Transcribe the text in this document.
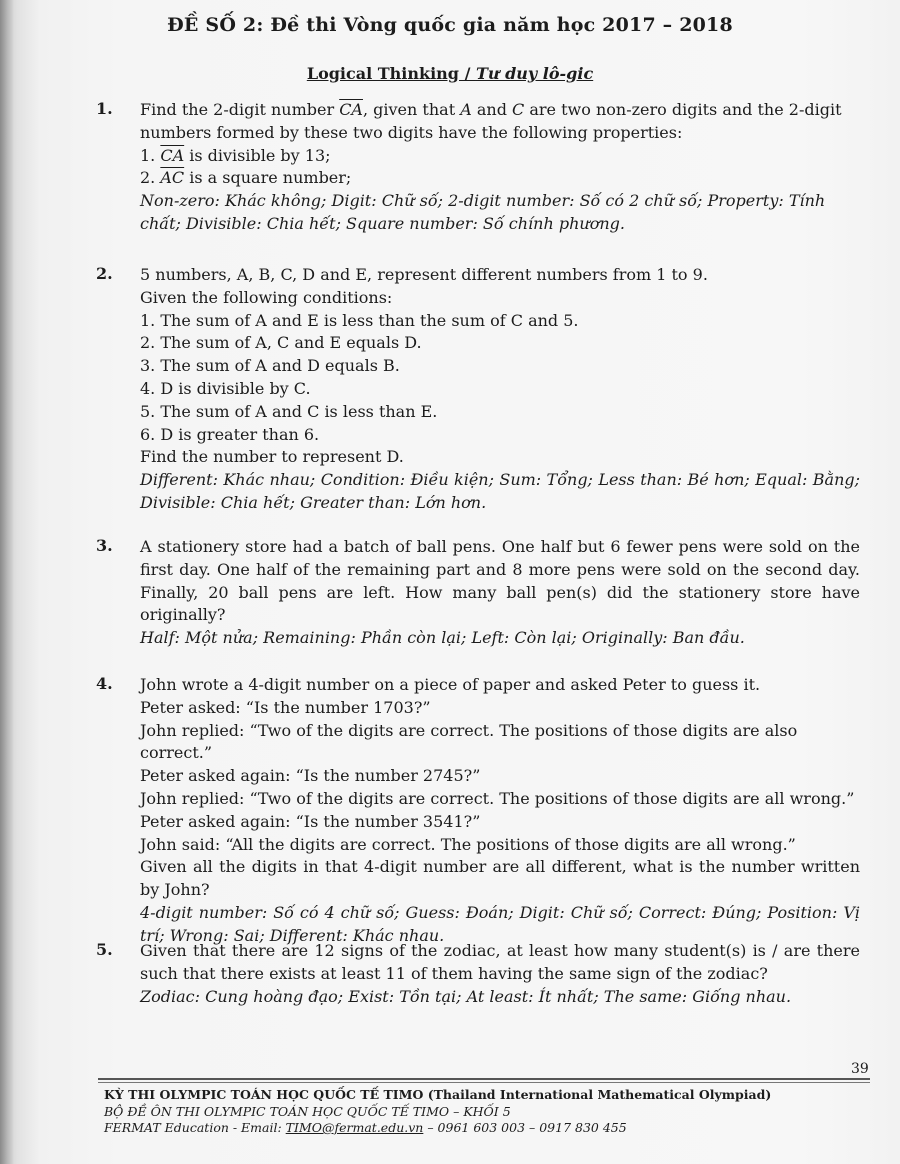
ĐỀ SỐ 2: Đề thi Vòng quốc gia năm học 2017 – 2018
Logical Thinking / Tư duy lô-gic
1. Find the 2-digit number $\overline{CA}$, given that A and C are two non-zero digits and the 2-digit numbers formed by these two digits have the following properties:

1. $\overline{CA}$ is divisible by 13;

2. $\overline{AC}$ is a square number;

Non-zero: Khác không; Digit: Chữ số; 2-digit number: Số có 2 chữ số; Property: Tính chất; Divisible: Chia hết; Square number: Số chính phương.

2. 5 numbers, A, B, C, D and E, represent different numbers from 1 to 9.

Given the following conditions:

1. The sum of A and E is less than the sum of C and 5.

2. The sum of A, C and E equals D.

3. The sum of A and D equals B.

4. D is divisible by C.

5. The sum of A and C is less than E.

6. D is greater than 6.

Find the number to represent D.

Different: Khác nhau; Condition: Điều kiện; Sum: Tổng; Less than: Bé hơn; Equal: Bằng; Divisible: Chia hết; Greater than: Lớn hơn.

3. A stationery store had a batch of ball pens. One half but 6 fewer pens were sold on the first day. One half of the remaining part and 8 more pens were sold on the second day. Finally, 20 ball pens are left. How many ball pen(s) did the stationery store have originally?

Half: Một nửa; Remaining: Phần còn lại; Left: Còn lại; Originally: Ban đầu.

4. John wrote a 4-digit number on a piece of paper and asked Peter to guess it.

Peter asked: “Is the number 1703?”

John replied: “Two of the digits are correct. The positions of those digits are also correct.”

Peter asked again: “Is the number 2745?”

John replied: “Two of the digits are correct. The positions of those digits are all wrong.”

Peter asked again: “Is the number 3541?”

John said: “All the digits are correct. The positions of those digits are all wrong.”

Given all the digits in that 4-digit number are all different, what is the number written by John?

4-digit number: Số có 4 chữ số; Guess: Đoán; Digit: Chữ số; Correct: Đúng; Position: Vị trí; Wrong: Sai; Different: Khác nhau.

5. Given that there are 12 signs of the zodiac, at least how many student(s) is / are there such that there exists at least 11 of them having the same sign of the zodiac?

Zodiac: Cung hoàng đạo; Exist: Tồn tại; At least: Ít nhất; The same: Giống nhau.

39

KỲ THI OLYMPIC TOÁN HỌC QUỐC TẾ TIMO (Thailand International Mathematical Olympiad)

BỘ ĐỀ ÔN THI OLYMPIC TOÁN HỌC QUỐC TẾ TIMO – KHỐI 5

FERMAT Education - Email: TIMO@fermat.edu.vn – 0961 603 003 – 0917 830 455
